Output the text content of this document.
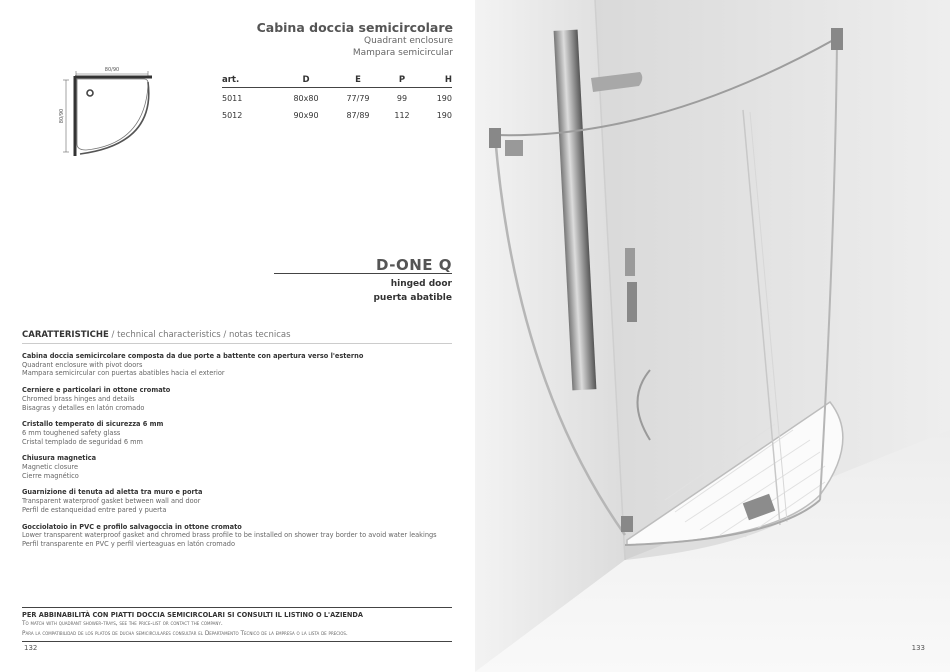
Cabina doccia semicircolare
Quadrant enclosure
Mampara semicircular
80/90
80/90
art.	D	E	P	H
5011	80x80	77/79	99	190
5012	90x90	87/89	112	190
D-ONE Q
hinged door
puerta abatible
CARATTERISTICHE / technical characteristics / notas tecnicas
Cabina doccia semicircolare composta da due porte a battente con apertura verso l'esterno
Quadrant enclosure with pivot doors
Mampara semicircular con puertas abatibles hacia el exterior
Cerniere e particolari in ottone cromato
Chromed brass hinges and details
Bisagras y detalles en latón cromado
Cristallo temperato di sicurezza 6 mm
6 mm toughened safety glass
Cristal templado de seguridad 6 mm
Chiusura magnetica
Magnetic closure
Cierre magnético
Guarnizione di tenuta ad aletta tra muro e porta
Transparent waterproof gasket between wall and door
Perfil de estanqueidad entre pared y puerta
Gocciolatoio in PVC e profilo salvagoccia in ottone cromato
Lower transparent waterproof gasket and chromed brass profile to be installed on shower tray border to avoid water leakings
Perfil transparente en PVC y perfil vierteaguas en latón cromado
PER ABBINABILITÀ CON PIATTI DOCCIA SEMICIRCOLARI SI CONSULTI IL LISTINO O L'AZIENDA
To match with quadrant shower-trays, see the price-list or contact the company.
Para la compatibilidad de los platos de ducha semicirculares consultar el Departamento Tecnico de la empresa o la lista de precios.
132	133
